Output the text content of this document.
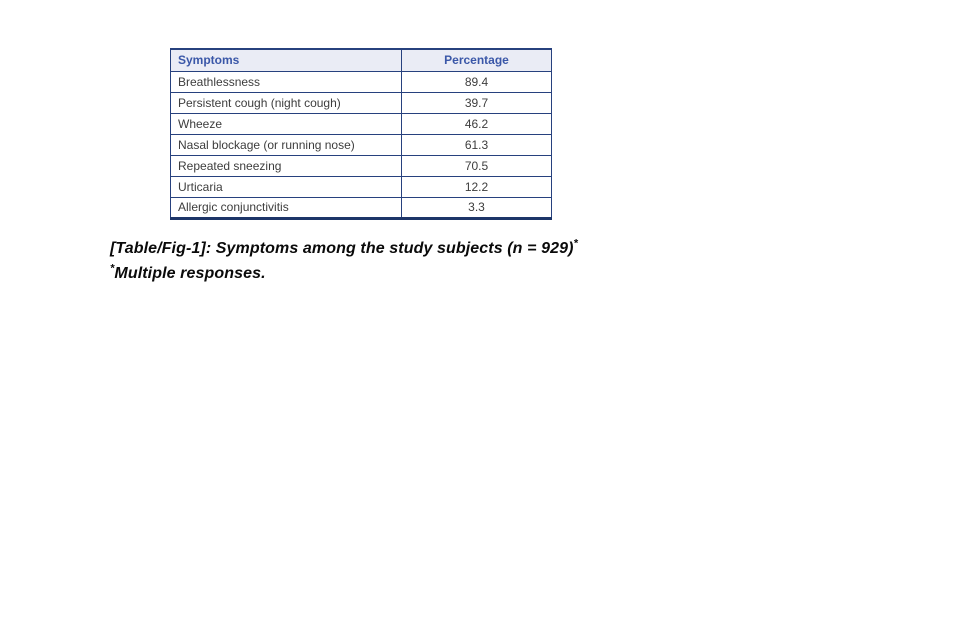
Symptoms	Percentage
Breathlessness	89.4
Persistent cough (night cough)	39.7
Wheeze	46.2
Nasal blockage (or running nose)	61.3
Repeated sneezing	70.5
Urticaria	12.2
Allergic conjunctivitis	3.3
[Table/Fig-1]: Symptoms among the study subjects (n = 929)*
*Multiple responses.
